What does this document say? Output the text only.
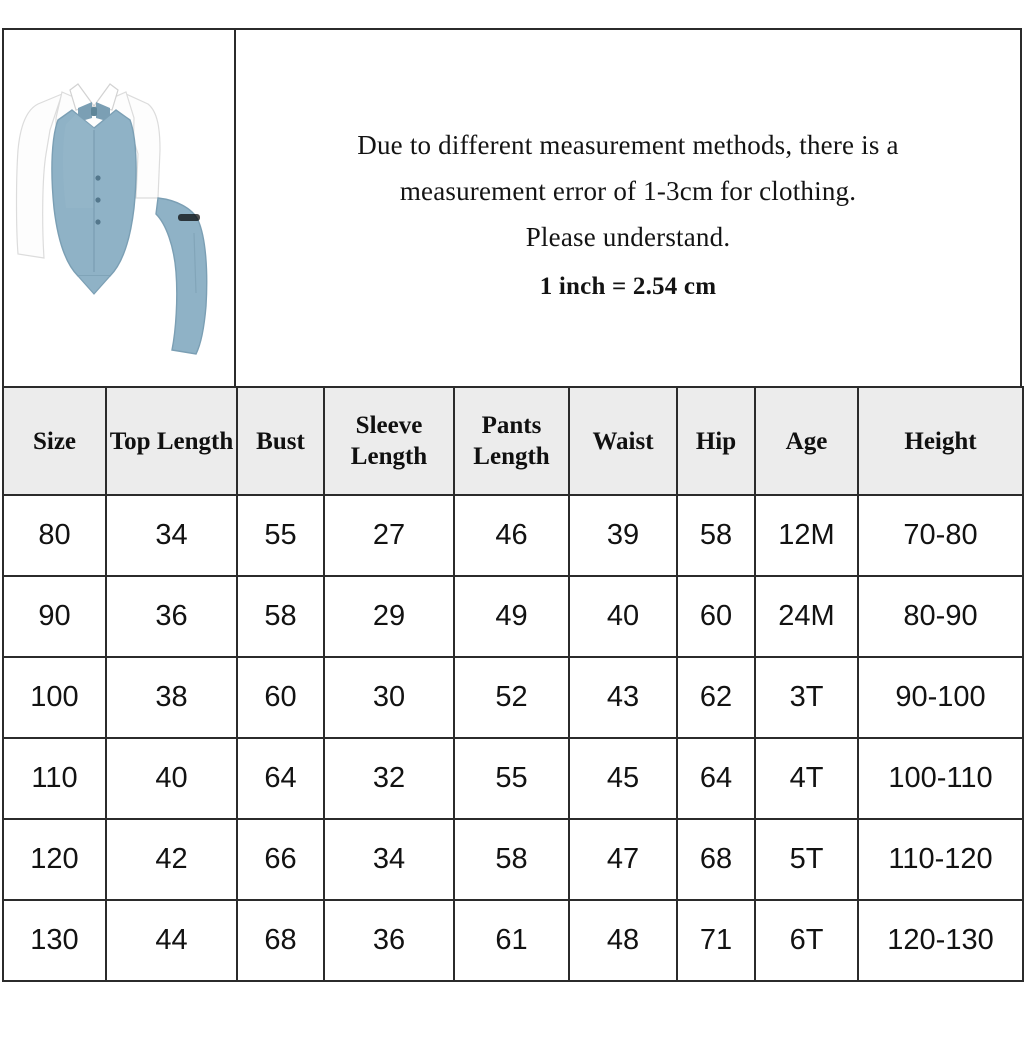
Due to different measurement methods, there is a
measurement error of 1-3cm for clothing.
Please understand.
1 inch = 2.54 cm
Size	Top Length	Bust	Sleeve Length	Pants Length	Waist	Hip	Age	Height
80	34	55	27	46	39	58	12M	70-80
90	36	58	29	49	40	60	24M	80-90
100	38	60	30	52	43	62	3T	90-100
110	40	64	32	55	45	64	4T	100-110
120	42	66	34	58	47	68	5T	110-120
130	44	68	36	61	48	71	6T	120-130
